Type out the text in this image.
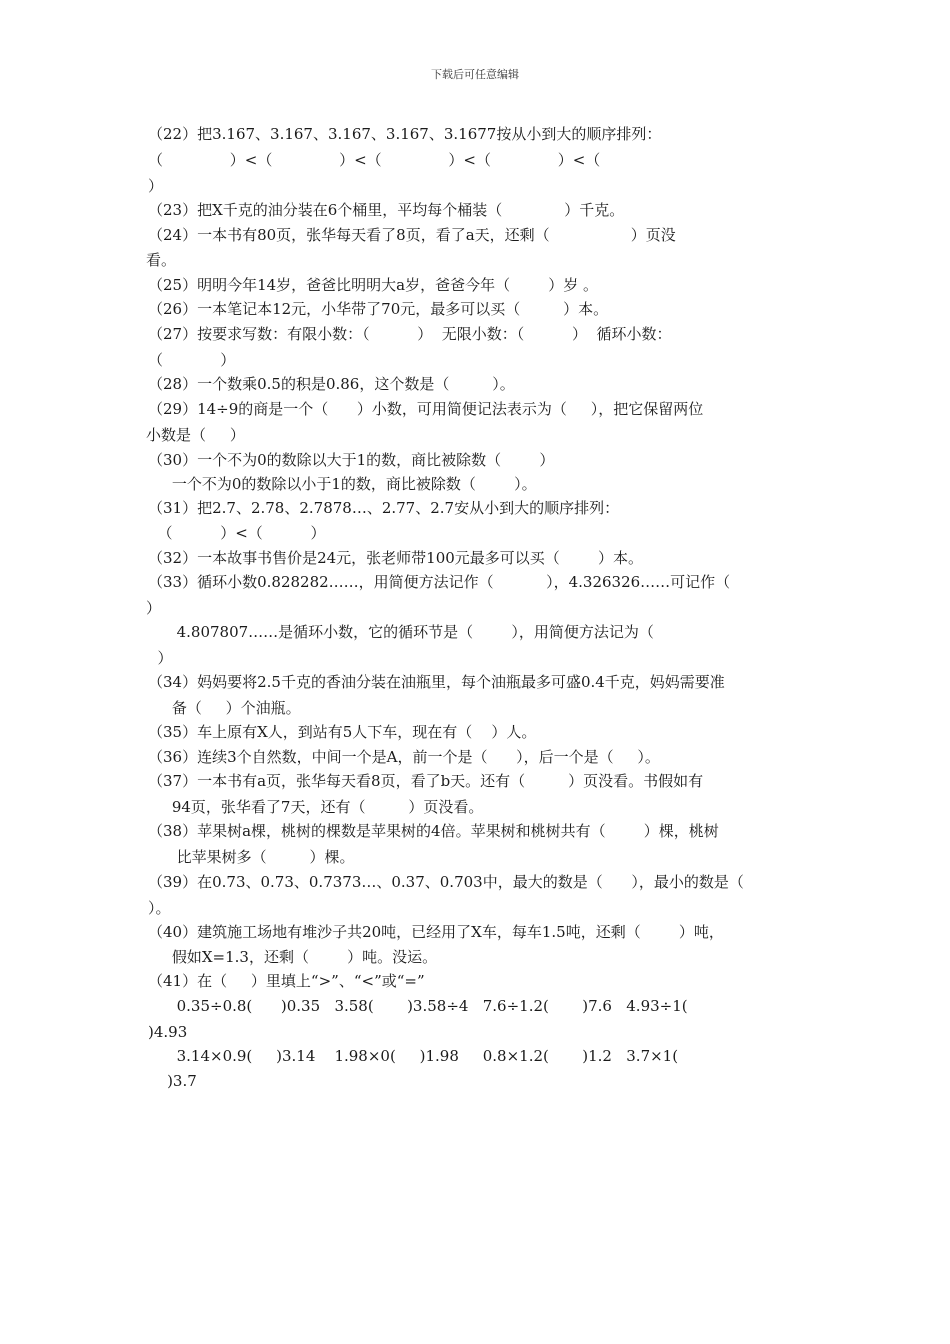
下载后可任意编辑
（22）把3.167、3.167、3.167、3.167、3.1677按从小到大的顺序排列：
（              ）<（              ）<（              ）<（              ）<（
）
（23）把X千克的油分装在6个桶里，平均每个桶装（             ）千克。
（24）一本书有80页，张华每天看了8页，看了a天，还剩（                 ）页没
看。
（25）明明今年14岁，爸爸比明明大a岁，爸爸今年（        ）岁 。
（26）一本笔记本12元，小华带了70元，最多可以买（         ）本。
（27）按要求写数：有限小数：（          ）  无限小数：（          ）  循环小数：
（            ）
（28）一个数乘0.5的积是0.86，这个数是（         ）。
（29）14÷9的商是一个（      ）小数，可用简便记法表示为（     ），把它保留两位
小数是（     ）
（30）一个不为0的数除以大于1的数，商比被除数（        ）
一个不为0的数除以小于1的数，商比被除数（        ）。
（31）把2.7、2.78、2.7878…、2.77、2.7安从小到大的顺序排列：
（          ）<（          ）
（32）一本故事书售价是24元，张老师带100元最多可以买（        ）本。
（33）循环小数0.828282……，用简便方法记作（           ），4.326326……可记作（
）
4.807807……是循环小数，它的循环节是（        ），用简便方法记为（
）
（34）妈妈要将2.5千克的香油分装在油瓶里，每个油瓶最多可盛0.4千克，妈妈需要准
备（     ）个油瓶。
（35）车上原有X人，到站有5人下车，现在有（    ）人。
（36）连续3个自然数，中间一个是A，前一个是（      ），后一个是（     ）。
（37）一本书有a页，张华每天看8页，看了b天。还有（         ）页没看。书假如有
94页，张华看了7天，还有（         ）页没看。
（38）苹果树a棵，桃树的棵数是苹果树的4倍。苹果树和桃树共有（        ）棵，桃树
比苹果树多（         ）棵。
（39）在0.73、0.73、0.7373…、0.37、0.703中，最大的数是（      ），最小的数是（
）。
（40）建筑施工场地有堆沙子共20吨，已经用了X车，每车1.5吨，还剩（        ）吨，
假如X=1.3，还剩（        ）吨。没运。
（41）在（     ）里填上“>”、“<”或“=”
0.35÷0.8(      )0.35   3.58(       )3.58÷4   7.6÷1.2(       )7.6   4.93÷1(
)4.93
3.14×0.9(     )3.14    1.98×0(     )1.98     0.8×1.2(       )1.2   3.7×1(
)3.7
